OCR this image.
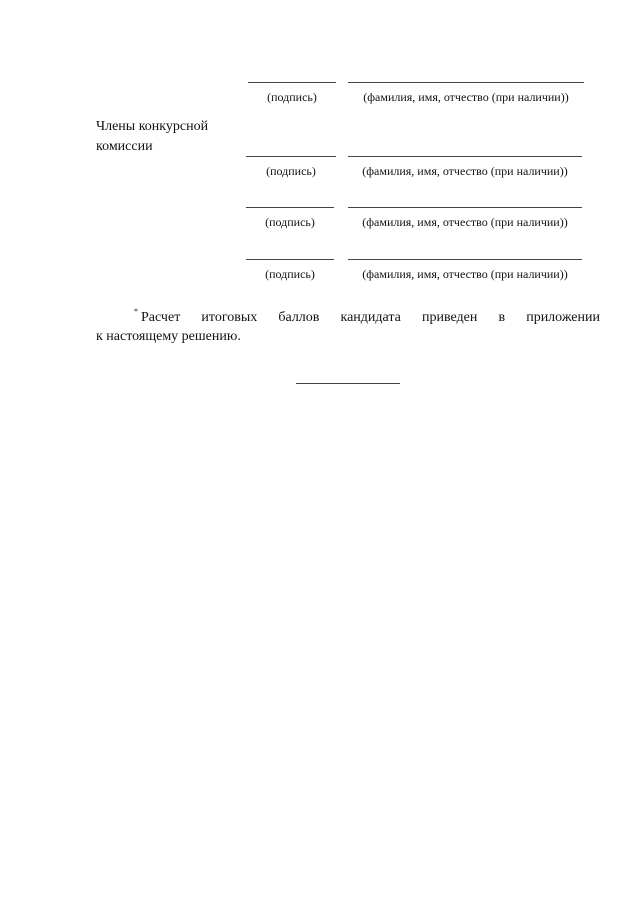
(подпись)	(фамилия, имя, отчество (при наличии))
Члены конкурсной комиссии
(подпись)	(фамилия, имя, отчество (при наличии))
(подпись)	(фамилия, имя, отчество (при наличии))
(подпись)	(фамилия, имя, отчество (при наличии))
* Расчет итоговых баллов кандидата приведен в приложении
к настоящему решению.
